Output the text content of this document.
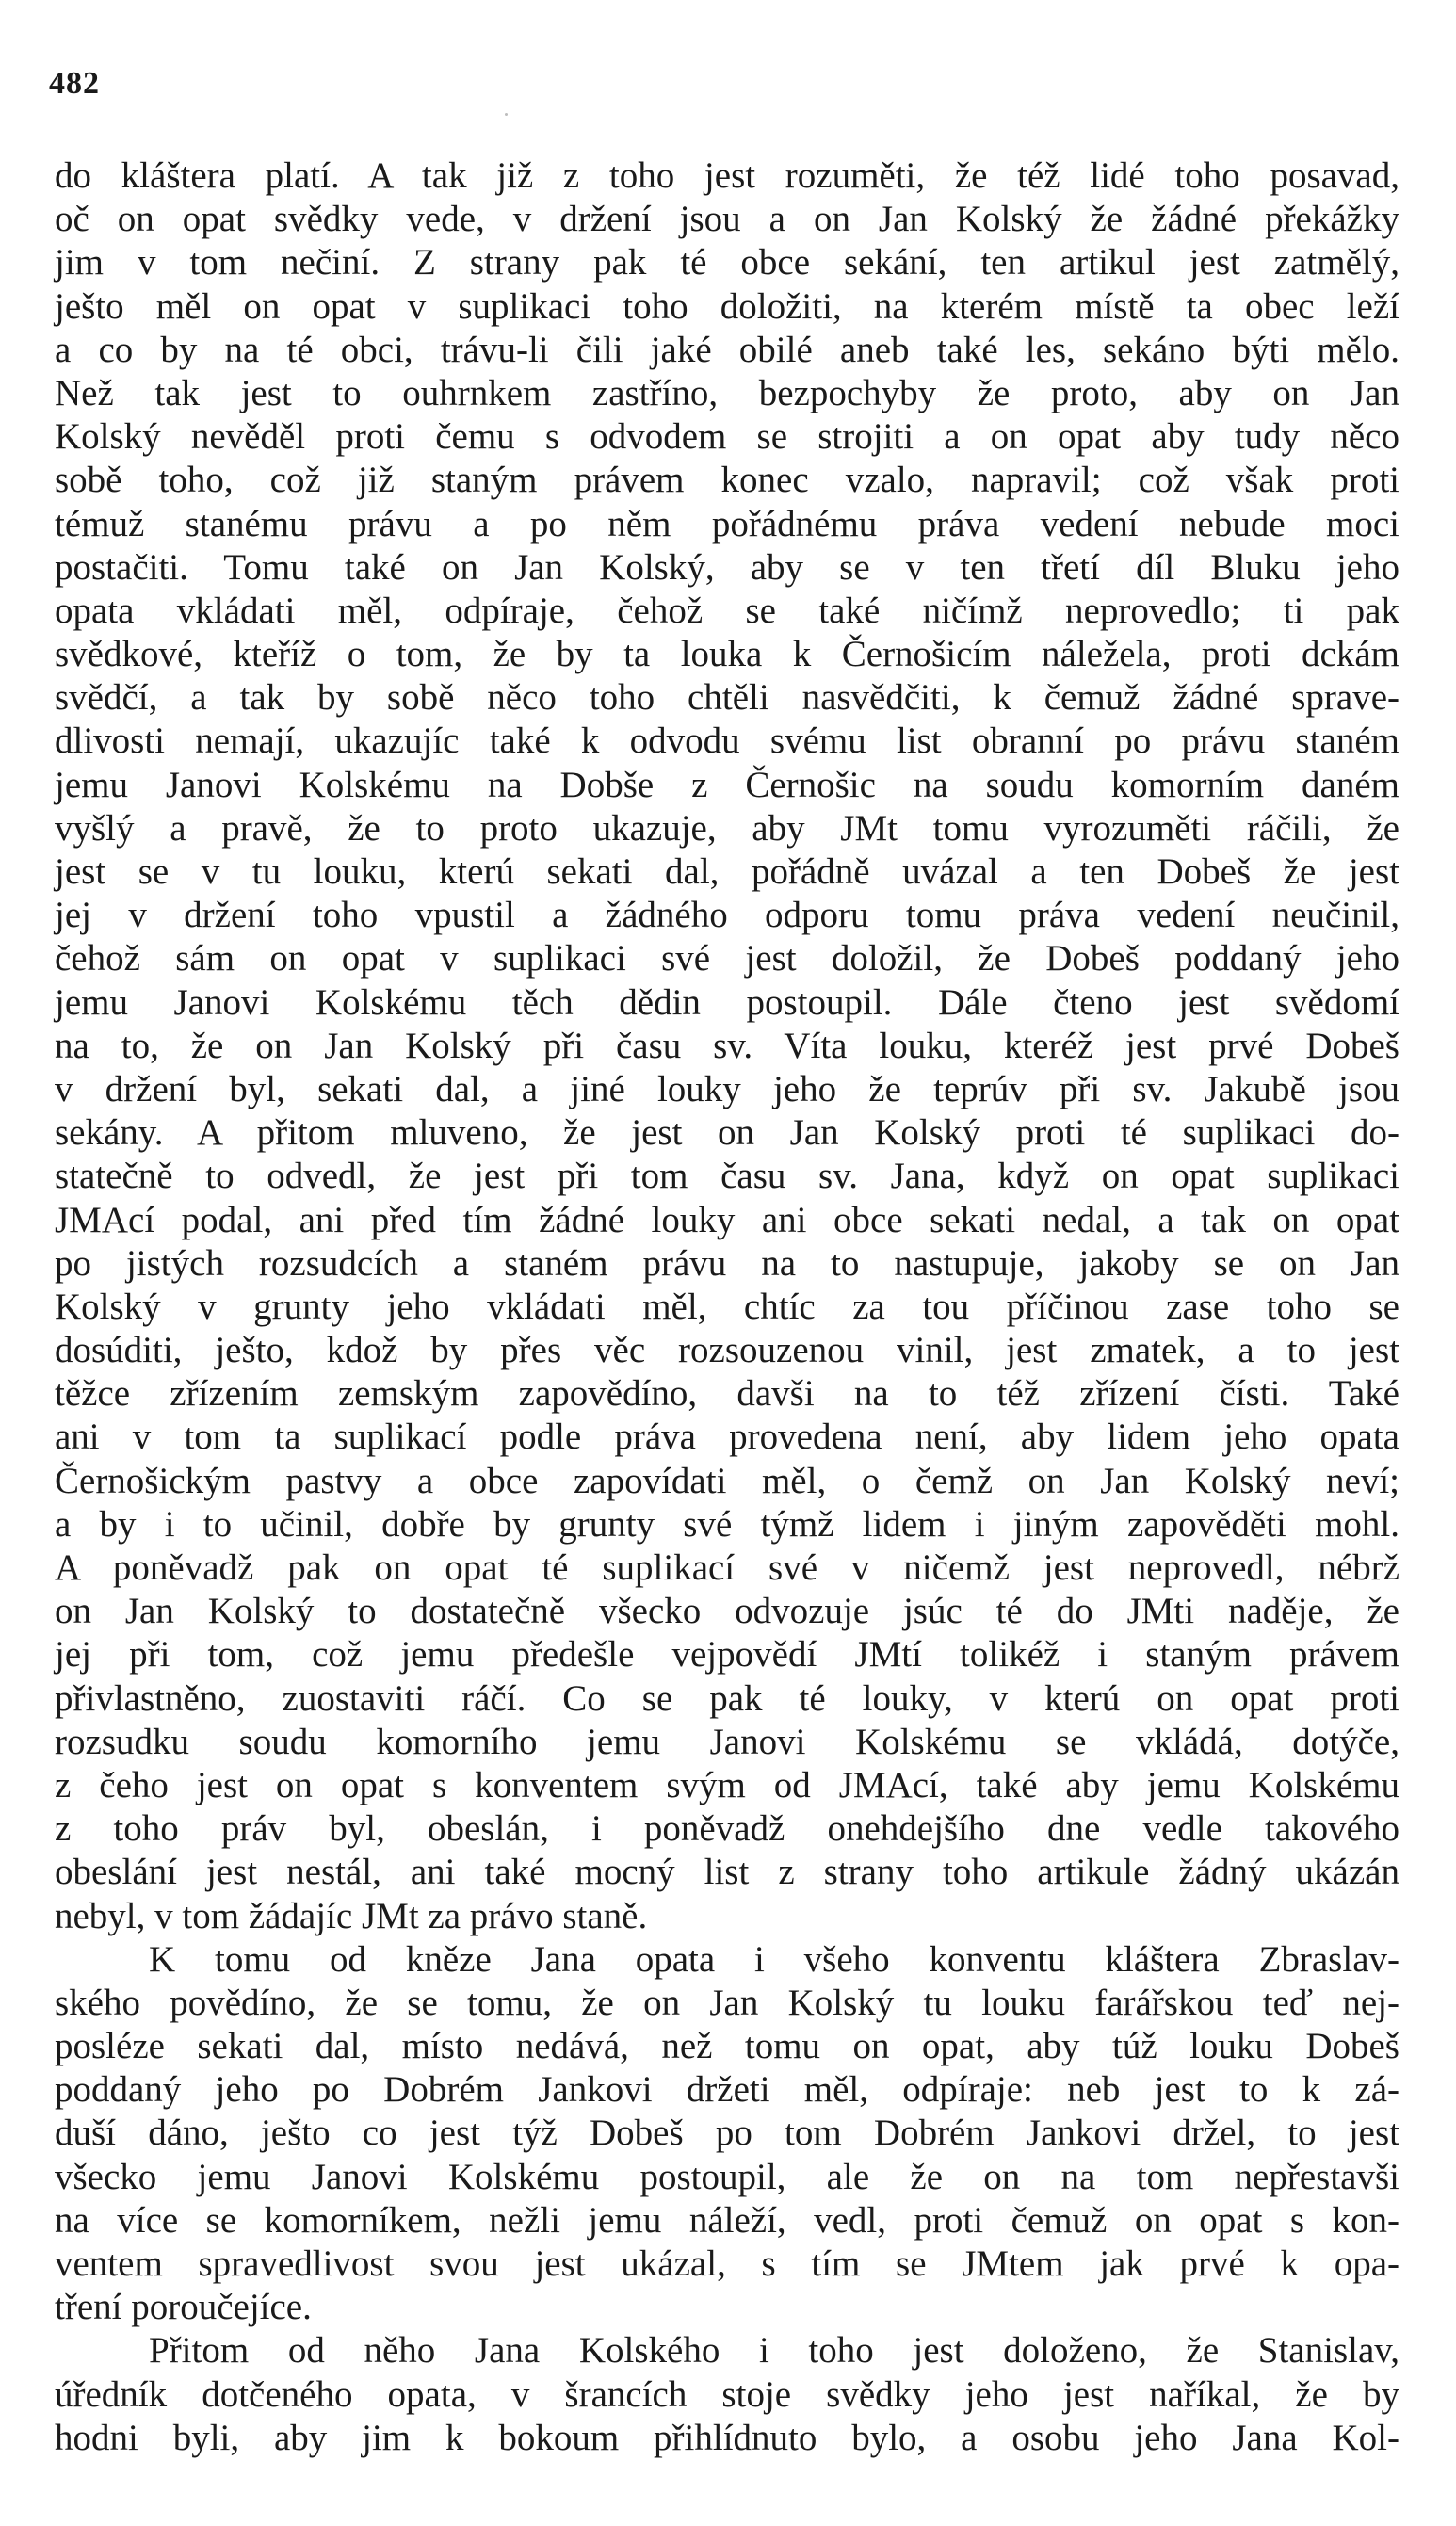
482
do kláštera platí. A tak již z toho jest rozuměti, že též lidé toho posavad,
oč on opat svědky vede, v držení jsou a on Jan Kolský že žádné překážky
jim v tom nečiní. Z strany pak té obce sekání, ten artikul jest zatmělý,
ješto měl on opat v suplikaci toho doložiti, na kterém místě ta obec leží
a co by na té obci, trávu-li čili jaké obilé aneb také les, sekáno býti mělo.
Než tak jest to ouhrnkem zastříno, bezpochyby že proto, aby on Jan
Kolský nevěděl proti čemu s odvodem se strojiti a on opat aby tudy něco
sobě toho, což již staným právem konec vzalo, napravil; což však proti
témuž stanému právu a po něm pořádnému práva vedení nebude moci
postačiti. Tomu také on Jan Kolský, aby se v ten třetí díl Bluku jeho
opata vkládati měl, odpíraje, čehož se také ničímž neprovedlo; ti pak
svědkové, kteříž o tom, že by ta louka k Černošicím náležela, proti dckám
svědčí, a tak by sobě něco toho chtěli nasvědčiti, k čemuž žádné sprave-
dlivosti nemají, ukazujíc také k odvodu svému list obranní po právu staném
jemu Janovi Kolskému na Dobše z Černošic na soudu komorním daném
vyšlý a pravě, že to proto ukazuje, aby JMt tomu vyrozuměti ráčili, že
jest se v tu louku, kterú sekati dal, pořádně uvázal a ten Dobeš že jest
jej v držení toho vpustil a žádného odporu tomu práva vedení neučinil,
čehož sám on opat v suplikaci své jest doložil, že Dobeš poddaný jeho
jemu Janovi Kolskému těch dědin postoupil. Dále čteno jest svědomí
na to, že on Jan Kolský při času sv. Víta louku, kteréž jest prvé Dobeš
v držení byl, sekati dal, a jiné louky jeho že teprúv při sv. Jakubě jsou
sekány. A přitom mluveno, že jest on Jan Kolský proti té suplikaci do-
statečně to odvedl, že jest při tom času sv. Jana, když on opat suplikaci
JMAcí podal, ani před tím žádné louky ani obce sekati nedal, a tak on opat
po jistých rozsudcích a staném právu na to nastupuje, jakoby se on Jan
Kolský v grunty jeho vkládati měl, chtíc za tou příčinou zase toho se
dosúditi, ješto, kdož by přes věc rozsouzenou vinil, jest zmatek, a to jest
těžce zřízením zemským zapovědíno, davši na to též zřízení čísti. Také
ani v tom ta suplikací podle práva provedena není, aby lidem jeho opata
Černošickým pastvy a obce zapovídati měl, o čemž on Jan Kolský neví;
a by i to učinil, dobře by grunty své týmž lidem i jiným zapověděti mohl.
A poněvadž pak on opat té suplikací své v ničemž jest neprovedl, nébrž
on Jan Kolský to dostatečně všecko odvozuje jsúc té do JMti naděje, že
jej při tom, což jemu předešle vejpovědí JMtí tolikéž i staným právem
přivlastněno, zuostaviti ráčí. Co se pak té louky, v kterú on opat proti
rozsudku soudu komorního jemu Janovi Kolskému se vkládá, dotýče,
z čeho jest on opat s konventem svým od JMAcí, také aby jemu Kolskému
z toho práv byl, obeslán, i poněvadž onehdejšího dne vedle takového
obeslání jest nestál, ani také mocný list z strany toho artikule žádný ukázán
nebyl, v tom žádajíc JMt za právo staně.
K tomu od kněze Jana opata i všeho konventu kláštera Zbraslav-
ského povědíno, že se tomu, že on Jan Kolský tu louku farářskou teď nej-
posléze sekati dal, místo nedává, než tomu on opat, aby túž louku Dobeš
poddaný jeho po Dobrém Jankovi držeti měl, odpíraje: neb jest to k zá-
duší dáno, ješto co jest týž Dobeš po tom Dobrém Jankovi držel, to jest
všecko jemu Janovi Kolskému postoupil, ale že on na tom nepřestavši
na více se komorníkem, nežli jemu náleží, vedl, proti čemuž on opat s kon-
ventem spravedlivost svou jest ukázal, s tím se JMtem jak prvé k opa-
tření poroučejíce.
Přitom od něho Jana Kolského i toho jest doloženo, že Stanislav,
úředník dotčeného opata, v šrancích stoje svědky jeho jest naříkal, že by
hodni byli, aby jim k bokoum přihlídnuto bylo, a osobu jeho Jana Kol-
